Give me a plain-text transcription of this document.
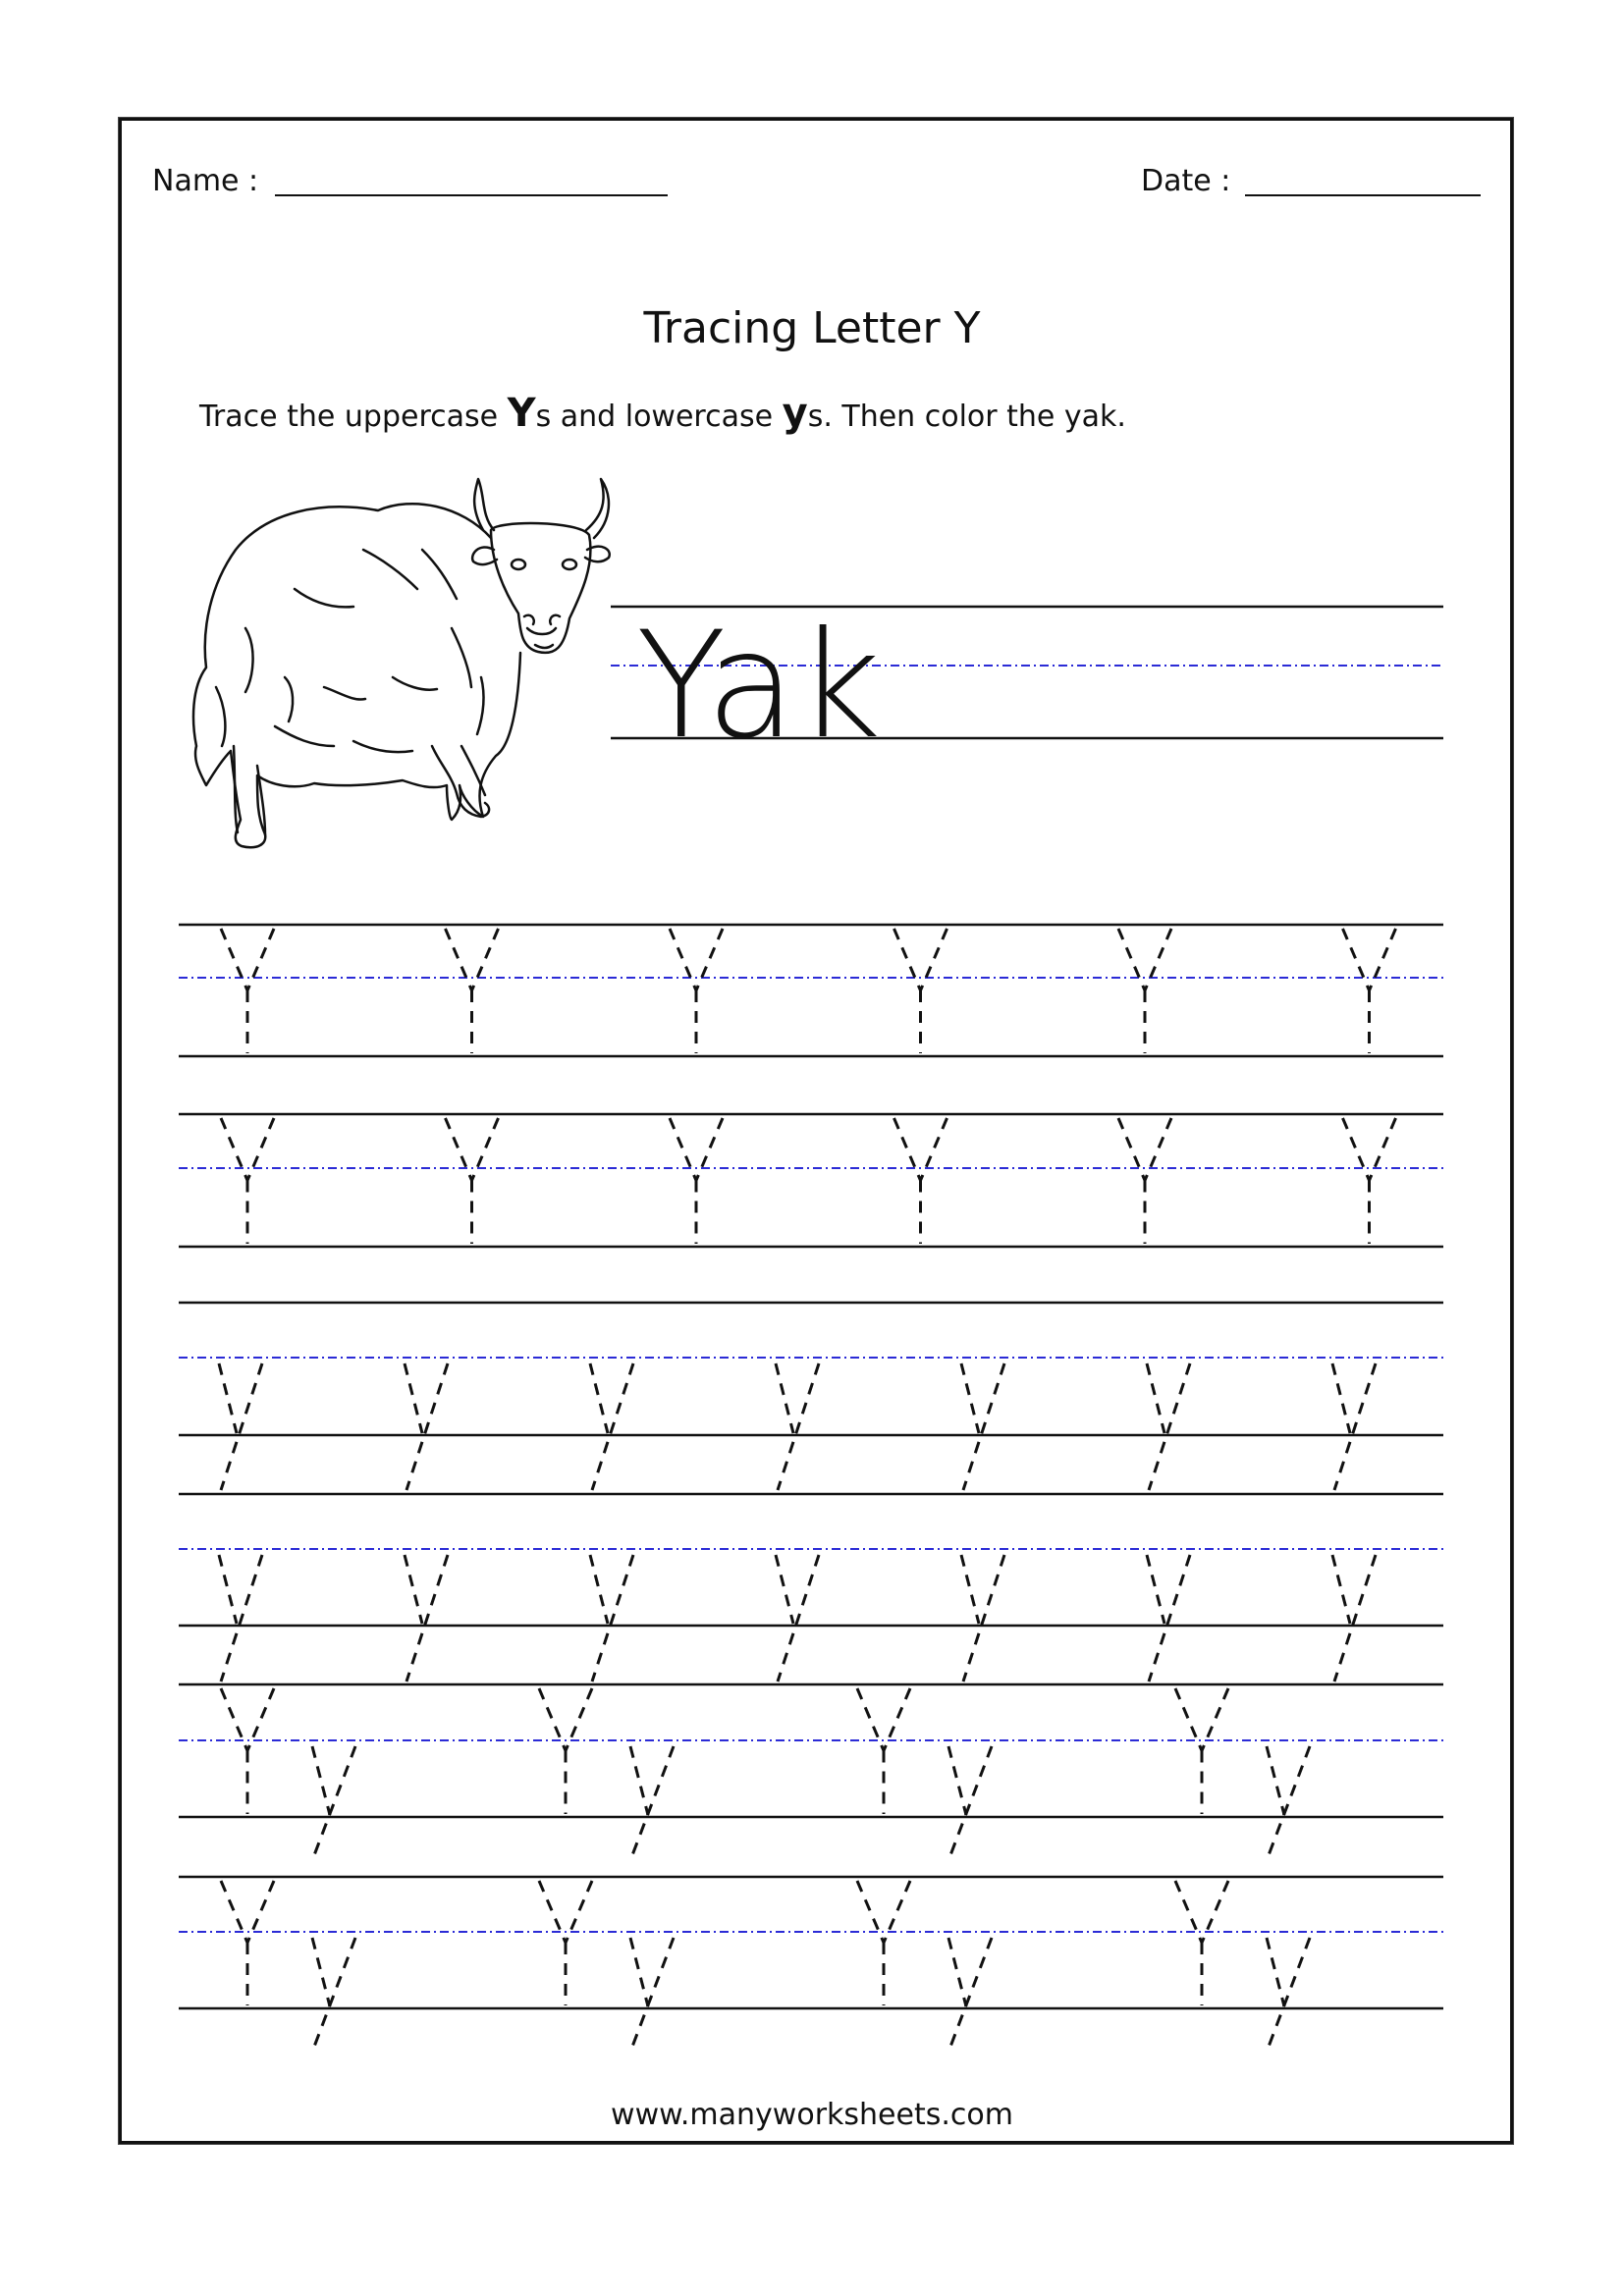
Name :	Date :
Tracing Letter Y
Trace the uppercase Ys and lowercase ys. Then color the yak.
Yak
www.manyworksheets.com
